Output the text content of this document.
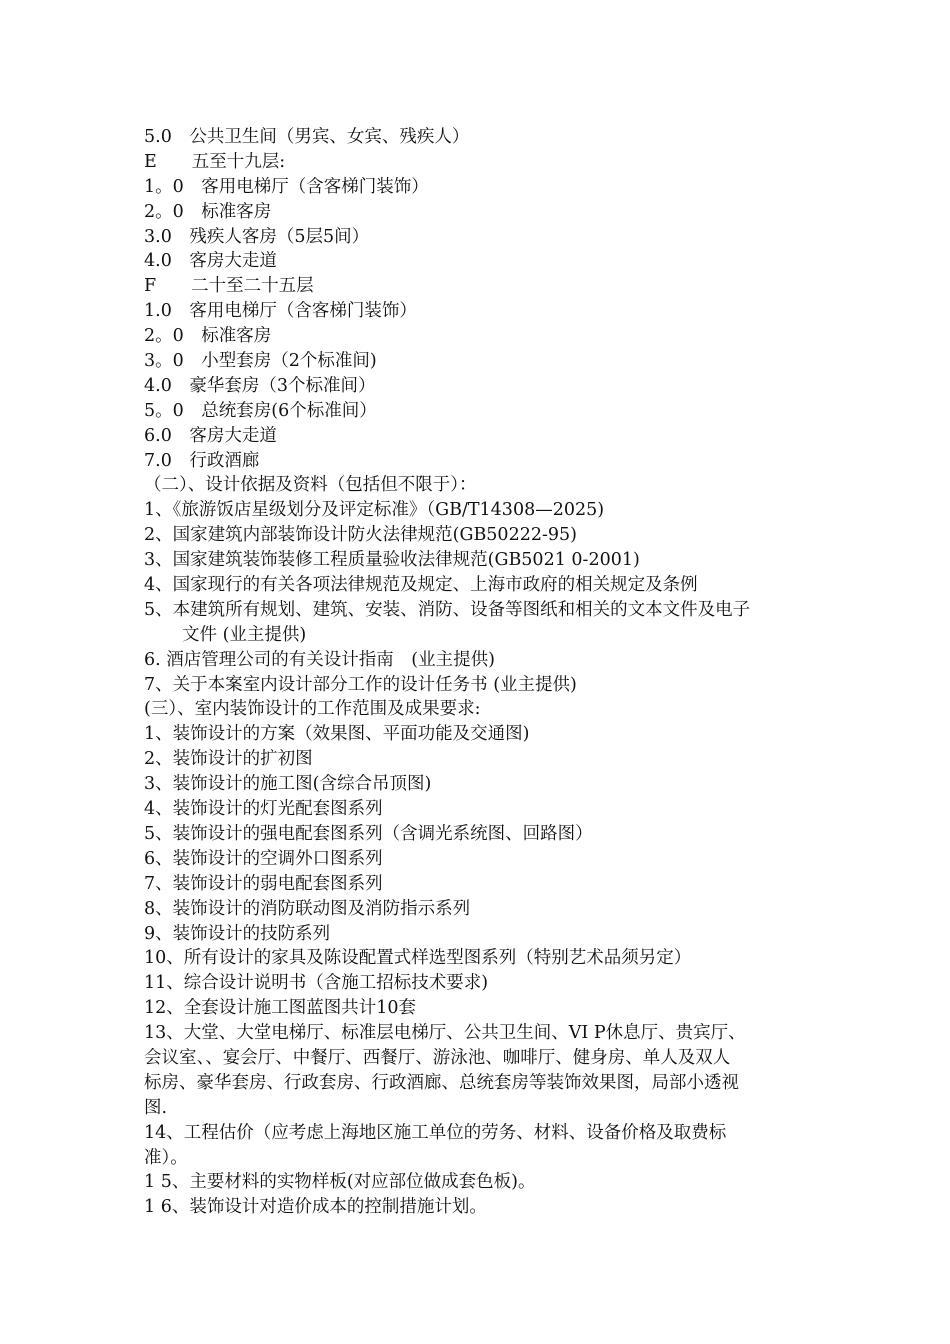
5.0　公共卫生间（男宾、女宾、残疾人）
E　　五至十九层:
1。0　客用电梯厅（含客梯门装饰）
2。0　标准客房
3.0　残疾人客房（5层5间）
4.0　客房大走道
F　　二十至二十五层
1.0　客用电梯厅（含客梯门装饰）
2。0　标准客房
3。0　小型套房（2个标准间)
4.0　豪华套房（3个标准间）
5。0　总统套房(6个标准间）
6.0　客房大走道
7.0　行政酒廊
（二）、设计依据及资料（包括但不限于）：
1、《旅游饭店星级划分及评定标准》（GB/T14308—2025)
2、国家建筑内部装饰设计防火法律规范(GB50222-95)
3、国家建筑装饰装修工程质量验收法律规范(GB5021 0-2001)
4、国家现行的有关各项法律规范及规定、上海市政府的相关规定及条例
5、本建筑所有规划、建筑、安装、消防、设备等图纸和相关的文本文件及电子
文件 (业主提供)
6. 酒店管理公司的有关设计指南　(业主提供)
7、关于本案室内设计部分工作的设计任务书 (业主提供)
(三）、室内装饰设计的工作范围及成果要求:
1、装饰设计的方案（效果图、平面功能及交通图)
2、装饰设计的扩初图
3、装饰设计的施工图(含综合吊顶图)
4、装饰设计的灯光配套图系列
5、装饰设计的强电配套图系列（含调光系统图、回路图）
6、装饰设计的空调外口图系列
7、装饰设计的弱电配套图系列
8、装饰设计的消防联动图及消防指示系列
9、装饰设计的技防系列
10、所有设计的家具及陈设配置式样选型图系列（特别艺术品须另定）
11、综合设计说明书（含施工招标技术要求)
12、全套设计施工图蓝图共计10套
13、大堂、大堂电梯厅、标准层电梯厅、公共卫生间、VI P休息厅、贵宾厅、
会议室、、宴会厅、中餐厅、西餐厅、游泳池、咖啡厅、健身房、单人及双人
标房、豪华套房、行政套房、行政酒廊、总统套房等装饰效果图，局部小透视
图.
14、工程估价（应考虑上海地区施工单位的劳务、材料、设备价格及取费标
准）。
1 5、主要材料的实物样板(对应部位做成套色板)。
1 6、装饰设计对造价成本的控制措施计划。
